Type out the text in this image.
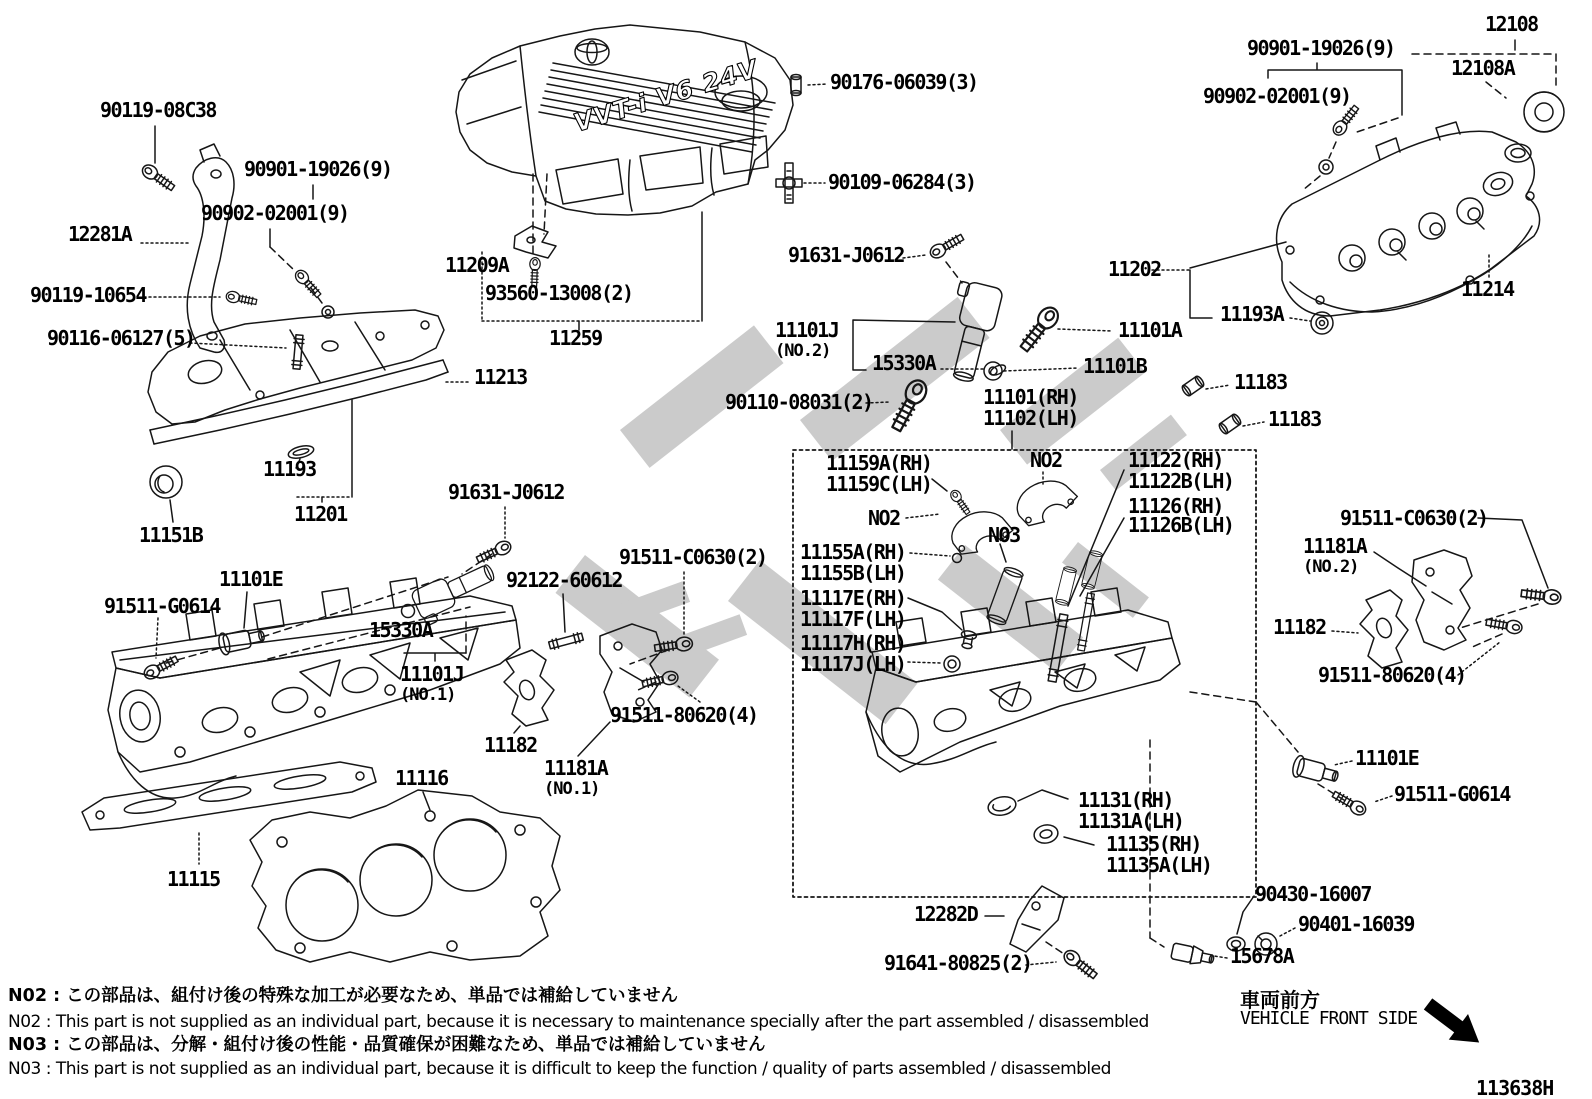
VVT-i V6 24V
90119-08C38
12281A
90901-19026(9)
90902-02001(9)
90119-10654
90116-06127(5)
11209A
93560-13008(2)
11259
90176-06039(3)
90109-06284(3)
91631-J0612
11101J
(NO.2)	15330A
90110-08031(2)	11101(RH)
11102(LH)
11101A
11101B
90901-19026(9)
90902-02001(9)
12108
12108A
11202
11193A
11214
11183
11183
11213
11193
11201
11151B
11101E
91511-G0614
15330A
11101J
(NO.1)
91631-J0612
92122-60612
91511-C0630(2)
11182
11181A
(NO.1)
91511-80620(4)
11116
11115
11159A(RH)
11159C(LH)
NO2	11122(RH)
11122B(LH)
NO2
NO3
11126(RH)
11126B(LH)
11155A(RH)
11155B(LH)
11117E(RH)
11117F(LH)
11117H(RH)
11117J(LH)
11131(RH)
11131A(LH)
11135(RH)
11135A(LH)
91511-C0630(2)
11181A
(NO.2)
11182
91511-80620(4)
11101E
91511-G0614
12282D
91641-80825(2)
90430-16007
90401-16039
15678A
N02 : この部品は、組付け後の特殊な加工が必要なため、単品では補給していません
N02 : This part is not supplied as an individual part, because it is necessary to maintenance specially after the part assembled / disassembled
N03 : この部品は、分解・組付け後の性能・品質確保が困難なため、単品では補給していません
N03 : This part is not supplied as an individual part, because it is difficult to keep the function / quality of parts assembled / disassembled
車両前方
VEHICLE FRONT SIDE
113638H
